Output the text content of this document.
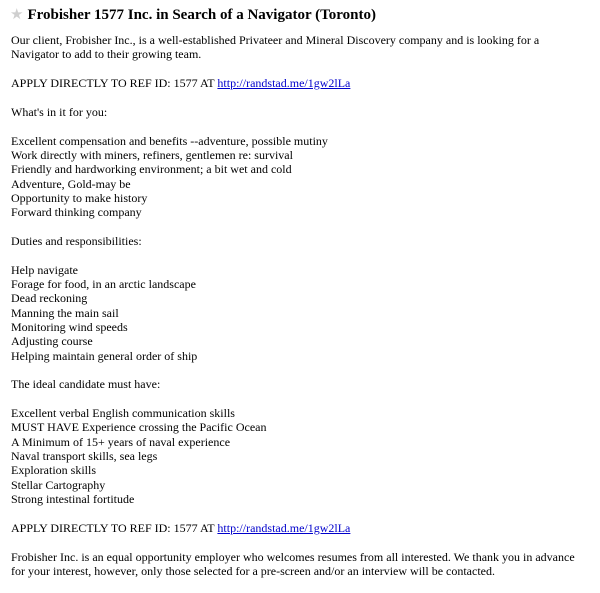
★ Frobisher 1577 Inc. in Search of a Navigator (Toronto)

Our client, Frobisher Inc., is a well-established Privateer and Mineral Discovery company and is looking for a Navigator to add to their growing team.

APPLY DIRECTLY TO REF ID: 1577 AT http://randstad.me/1gw2lLa

What's in it for you:

Excellent compensation and benefits --adventure, possible mutiny
Work directly with miners, refiners, gentlemen re: survival
Friendly and hardworking environment; a bit wet and cold
Adventure, Gold-may be
Opportunity to make history
Forward thinking company

Duties and responsibilities:

Help navigate
Forage for food, in an arctic landscape
Dead reckoning
Manning the main sail
Monitoring wind speeds
Adjusting course
Helping maintain general order of ship

The ideal candidate must have:

Excellent verbal English communication skills
MUST HAVE Experience crossing the Pacific Ocean
A Minimum of 15+ years of naval experience
Naval transport skills, sea legs
Exploration skills
Stellar Cartography
Strong intestinal fortitude

APPLY DIRECTLY TO REF ID: 1577 AT http://randstad.me/1gw2lLa

Frobisher Inc. is an equal opportunity employer who welcomes resumes from all interested. We thank you in advance for your interest, however, only those selected for a pre-screen and/or an interview will be contacted.
